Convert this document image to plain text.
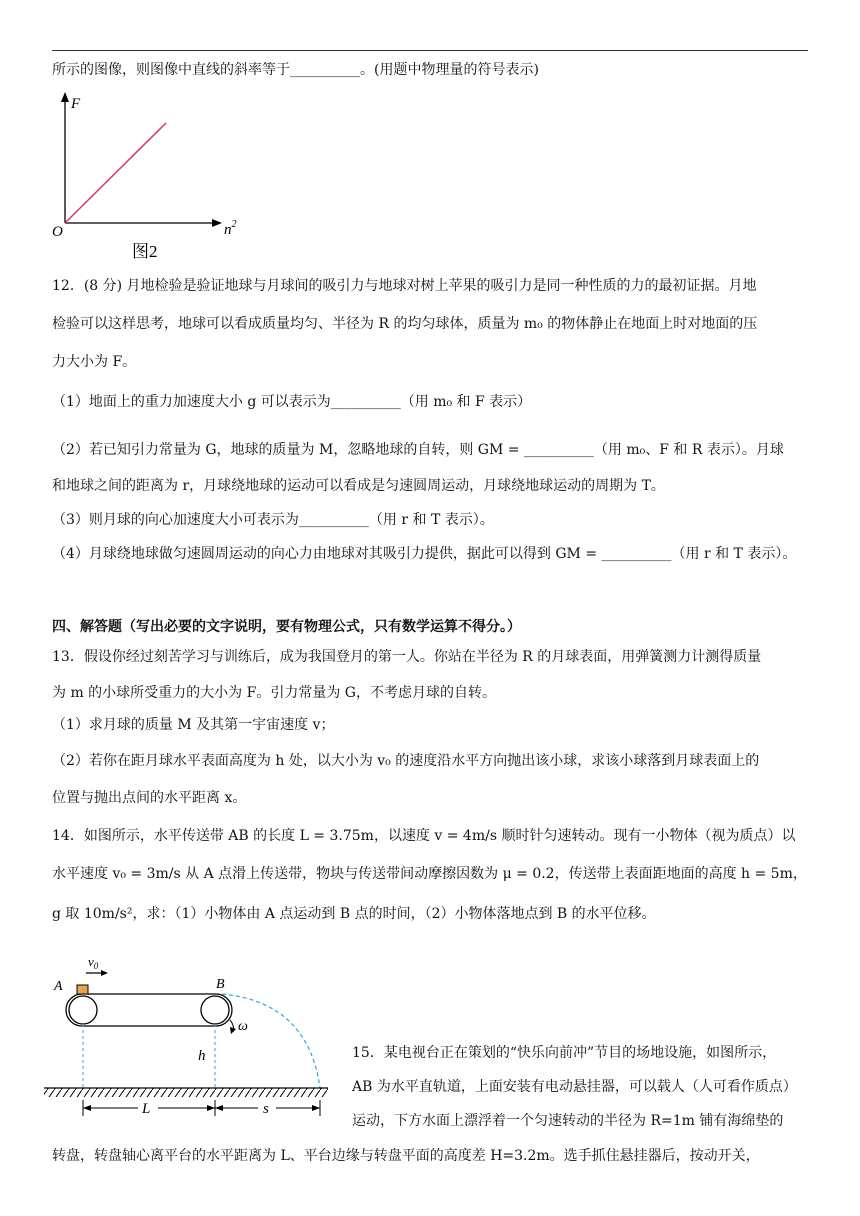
所示的图像，则图像中直线的斜率等于__________。(用题中物理量的符号表示)
F
$n^2$
O
图2
12．(8 分) 月地检验是验证地球与月球间的吸引力与地球对树上苹果的吸引力是同一种性质的力的最初证据。月地
检验可以这样思考，地球可以看成质量均匀、半径为 R 的均匀球体，质量为 m₀ 的物体静止在地面上时对地面的压
力大小为 F。
（1）地面上的重力加速度大小 g 可以表示为__________（用 m₀ 和 F 表示）
（2）若已知引力常量为 G，地球的质量为 M，忽略地球的自转，则 GM = __________（用 m₀、F 和 R 表示）。月球
和地球之间的距离为 r，月球绕地球的运动可以看成是匀速圆周运动，月球绕地球运动的周期为 T。
（3）则月球的向心加速度大小可表示为__________（用 r 和 T 表示）。
（4）月球绕地球做匀速圆周运动的向心力由地球对其吸引力提供，据此可以得到 GM = __________（用 r 和 T 表示）。
四、解答题（写出必要的文字说明，要有物理公式，只有数学运算不得分。）
13．假设你经过刻苦学习与训练后，成为我国登月的第一人。你站在半径为 R 的月球表面，用弹簧测力计测得质量
为 m 的小球所受重力的大小为 F。引力常量为 G，不考虑月球的自转。
（1）求月球的质量 M 及其第一宇宙速度 v；
（2）若你在距月球水平表面高度为 h 处，以大小为 v₀ 的速度沿水平方向抛出该小球，求该小球落到月球表面上的
位置与抛出点间的水平距离 x。
14．如图所示，水平传送带 AB 的长度 L = 3.75m，以速度 v = 4m/s 顺时针匀速转动。现有一小物体（视为质点）以
水平速度 v₀ = 3m/s 从 A 点滑上传送带，物块与传送带间动摩擦因数为 μ = 0.2，传送带上表面距地面的高度 h = 5m，
g 取 10m/s²，求：（1）小物体由 A 点运动到 B 点的时间，（2）小物体落地点到 B 的水平位移。
$v_0$
A	B
ω
h
L	s
15．某电视台正在策划的“快乐向前冲”节目的场地设施，如图所示，
AB 为水平直轨道，上面安装有电动悬挂器，可以载人（人可看作质点）
运动，下方水面上漂浮着一个匀速转动的半径为 R=1m 铺有海绵垫的
转盘，转盘轴心离平台的水平距离为 L、平台边缘与转盘平面的高度差 H=3.2m。选手抓住悬挂器后，按动开关，
